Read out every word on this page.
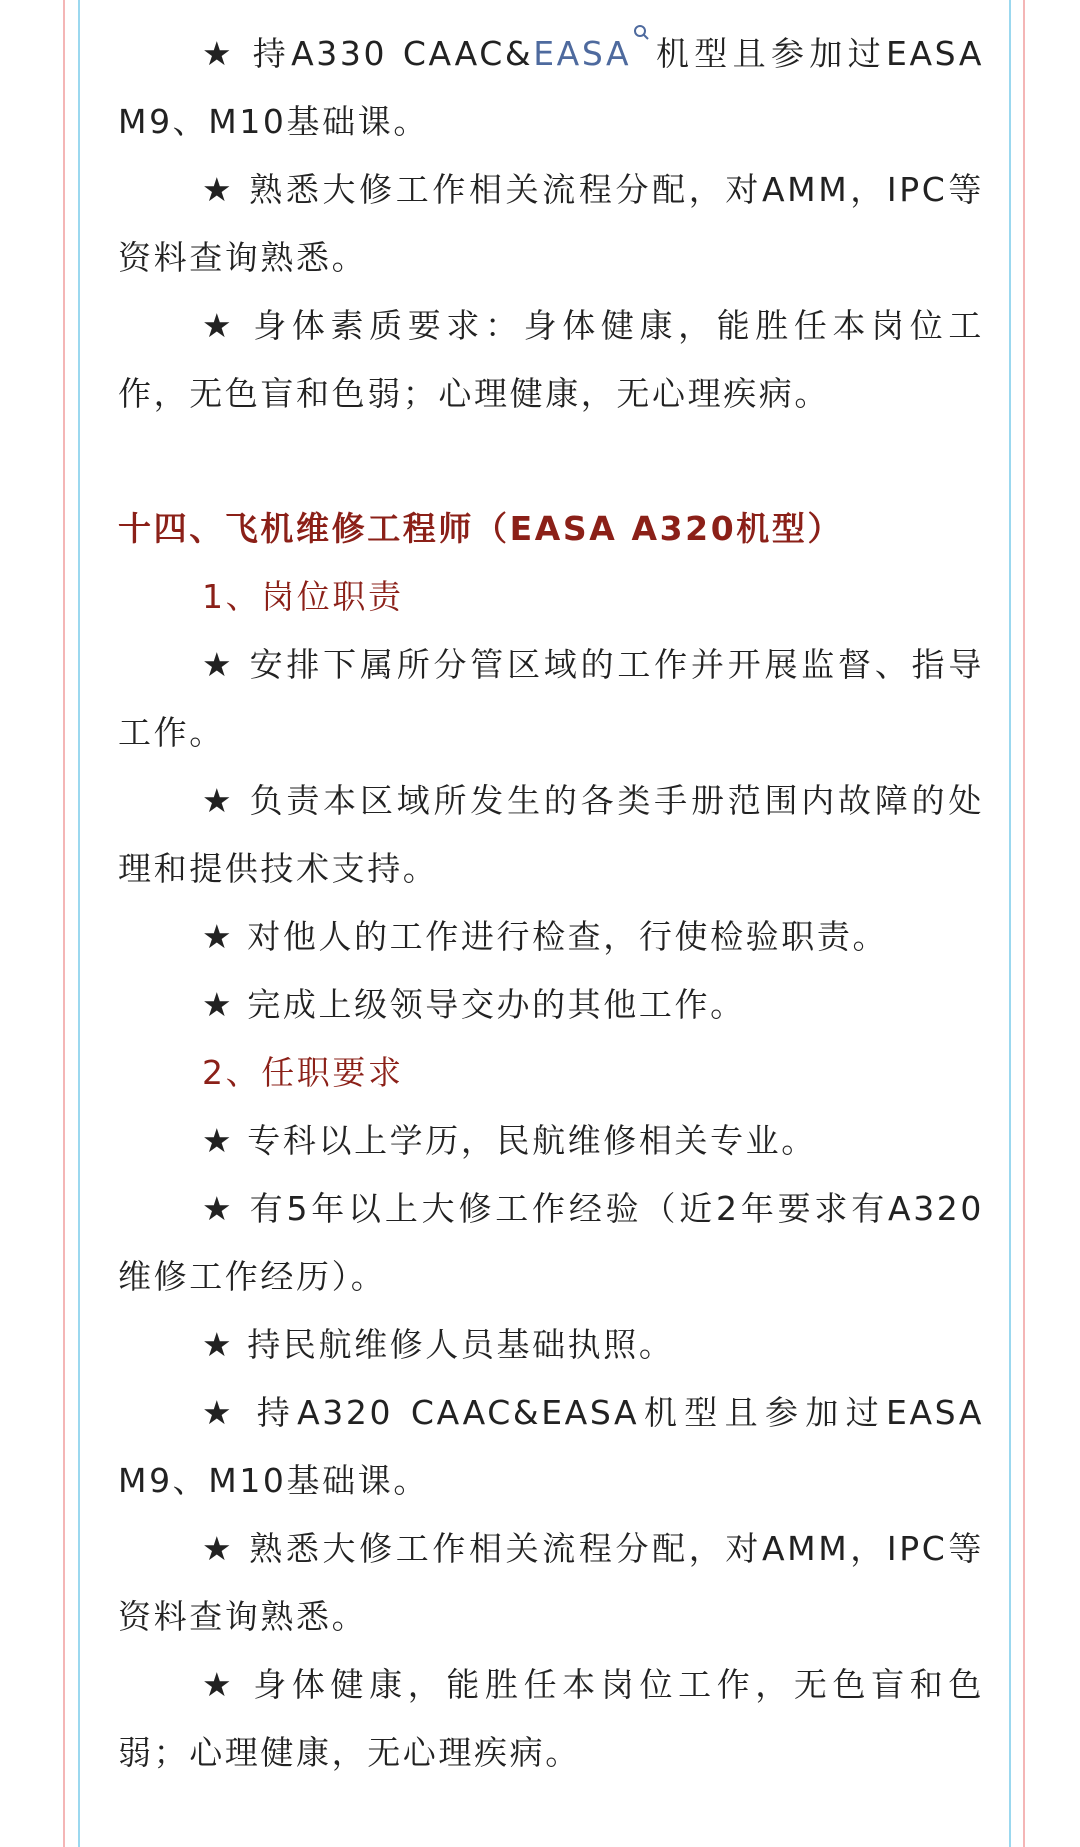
★ 持A330 CAAC&EASA 机型且参加过EASA M9、M10基础课。

★ 熟悉大修工作相关流程分配，对AMM，IPC等资料查询熟悉。

★ 身体素质要求：身体健康，能胜任本岗位工作，无色盲和色弱；心理健康，无心理疾病。

十四、飞机维修工程师（EASA A320机型）

1、岗位职责

★ 安排下属所分管区域的工作并开展监督、指导工作。

★ 负责本区域所发生的各类手册范围内故障的处理和提供技术支持。

★ 对他人的工作进行检查，行使检验职责。

★ 完成上级领导交办的其他工作。

2、任职要求

★ 专科以上学历，民航维修相关专业。

★ 有5年以上大修工作经验（近2年要求有A320维修工作经历）。

★ 持民航维修人员基础执照。

★ 持A320 CAAC&EASA机型且参加过EASA M9、M10基础课。

★ 熟悉大修工作相关流程分配，对AMM，IPC等资料查询熟悉。

★ 身体健康，能胜任本岗位工作，无色盲和色弱；心理健康，无心理疾病。
